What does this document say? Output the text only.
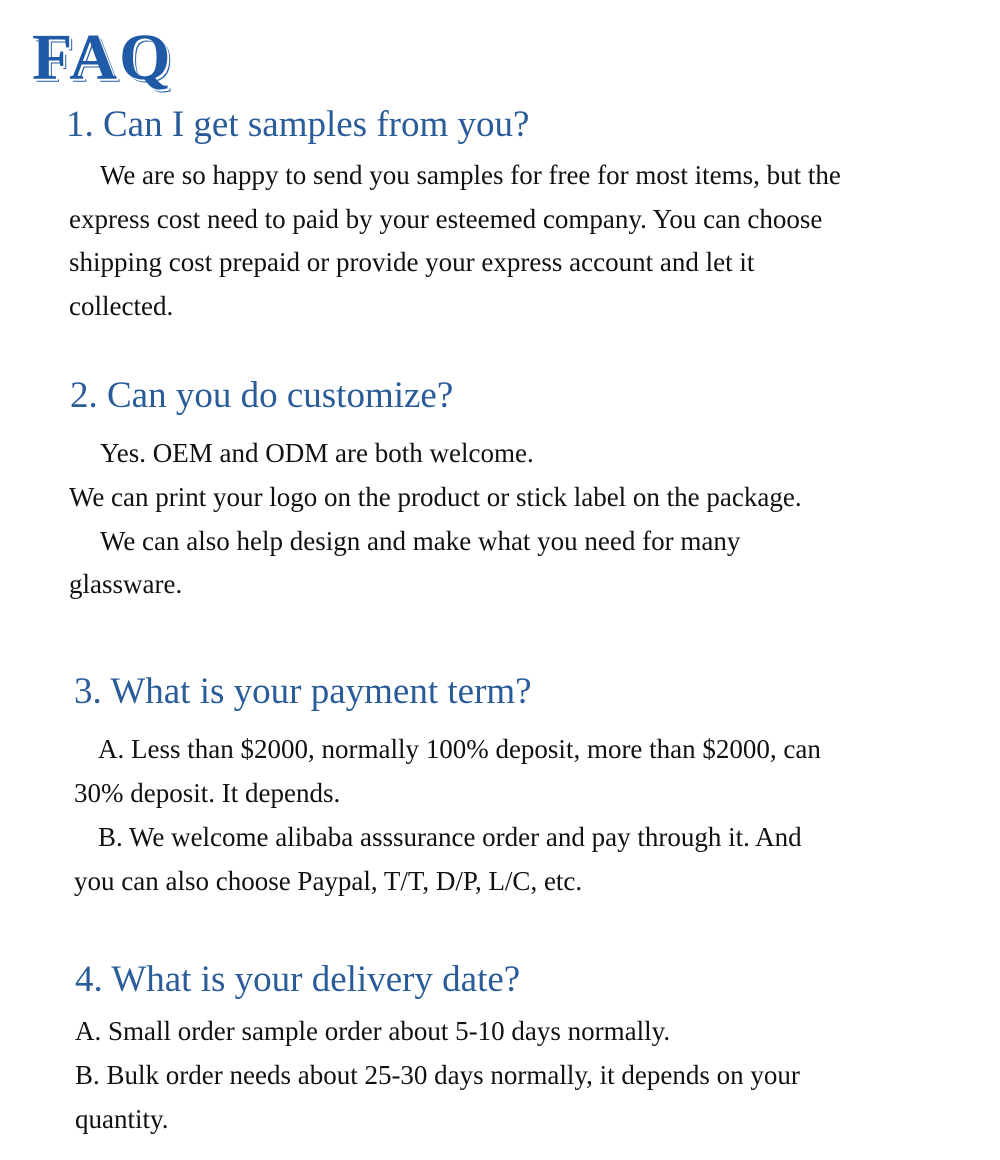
FAQ
1. Can I get samples from you?
We are so happy to send you samples for free for most items, but the
express cost need to paid by your esteemed company. You can choose
shipping cost prepaid or provide your express account and let it
collected.
2. Can you do customize?
Yes. OEM and ODM are both welcome.
We can print your logo on the product or stick label on the package.
We can also help design and make what you need for many
glassware.
3. What is your payment term?
A. Less than $2000, normally 100% deposit, more than $2000, can
30% deposit. It depends.
B. We welcome alibaba asssurance order and pay through it. And
you can also choose Paypal, T/T, D/P, L/C, etc.
4. What is your delivery date?
A. Small order sample order about 5-10 days normally.
B. Bulk order needs about 25-30 days normally, it depends on your
quantity.
